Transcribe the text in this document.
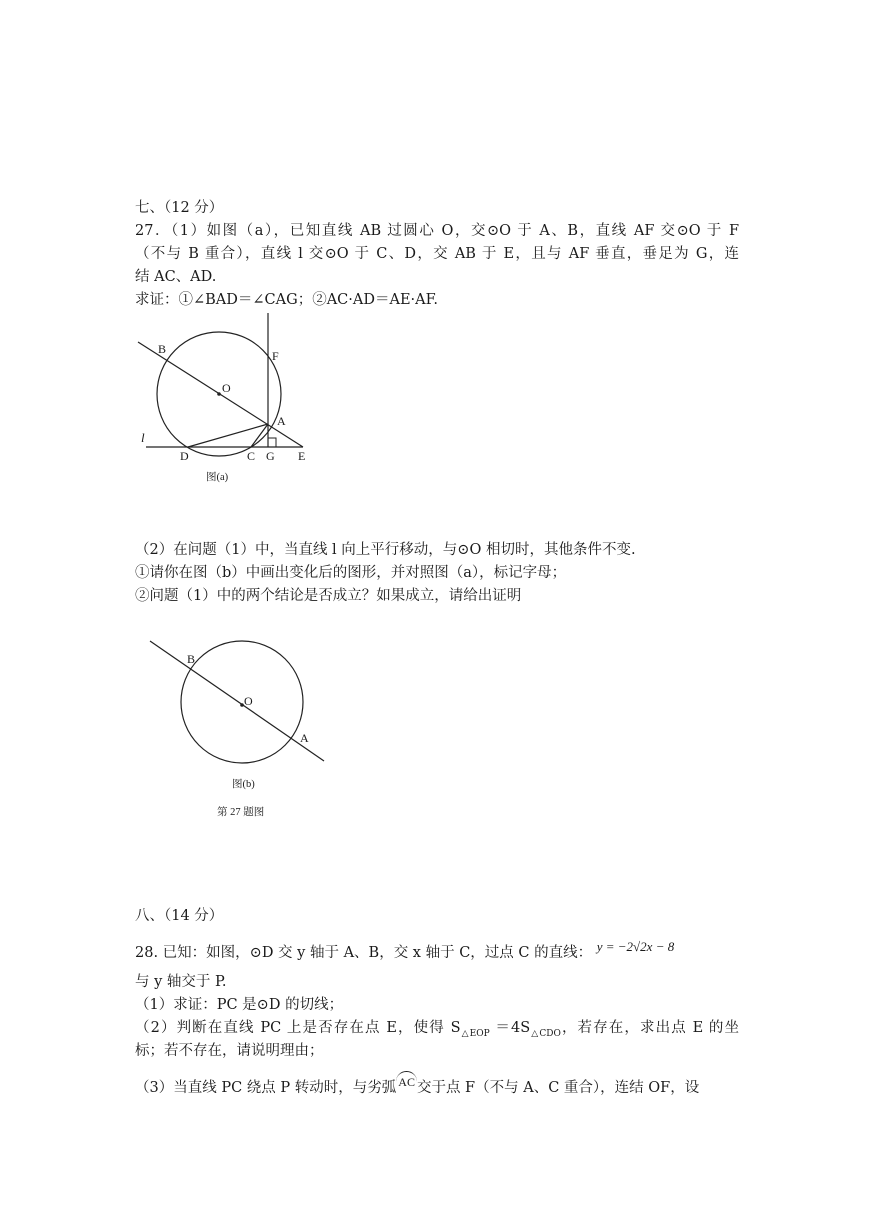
七、（12 分）
27．（1）如图（a），已知直线 AB 过圆心 O，交⊙O 于 A、B，直线 AF 交⊙O 于 F
（不与 B 重合），直线 l 交⊙O 于 C、D，交 AB 于 E，且与 AF 垂直，垂足为 G，连
结 AC、AD.
求证：①∠BAD＝∠CAG；②AC·AD＝AE·AF.
B
O
F
A
l
D	C G E
图(a)
（2）在问题（1）中，当直线 l 向上平行移动，与⊙O 相切时，其他条件不变.
①请你在图（b）中画出变化后的图形，并对照图（a），标记字母；
②问题（1）中的两个结论是否成立？如果成立，请给出证明
B
O
A
图(b)
第 27 题图
八、（14 分）
28. 已知：如图，⊙D 交 y 轴于 A、B，交 x 轴于 C，过点 C 的直线： y = −2√2x − 8
与 y 轴交于 P.
（1）求证：PC 是⊙D 的切线；
（2）判断在直线 PC 上是否存在点 E，使得 $S_{\triangle EOP} =4S_{\triangle CDO}$，若存在，求出点 E 的坐
标；若不存在，请说明理由；
（3）当直线 PC 绕点 P 转动时，与劣弧 AC 交于点 F（不与 A、C 重合），连结 OF，设
